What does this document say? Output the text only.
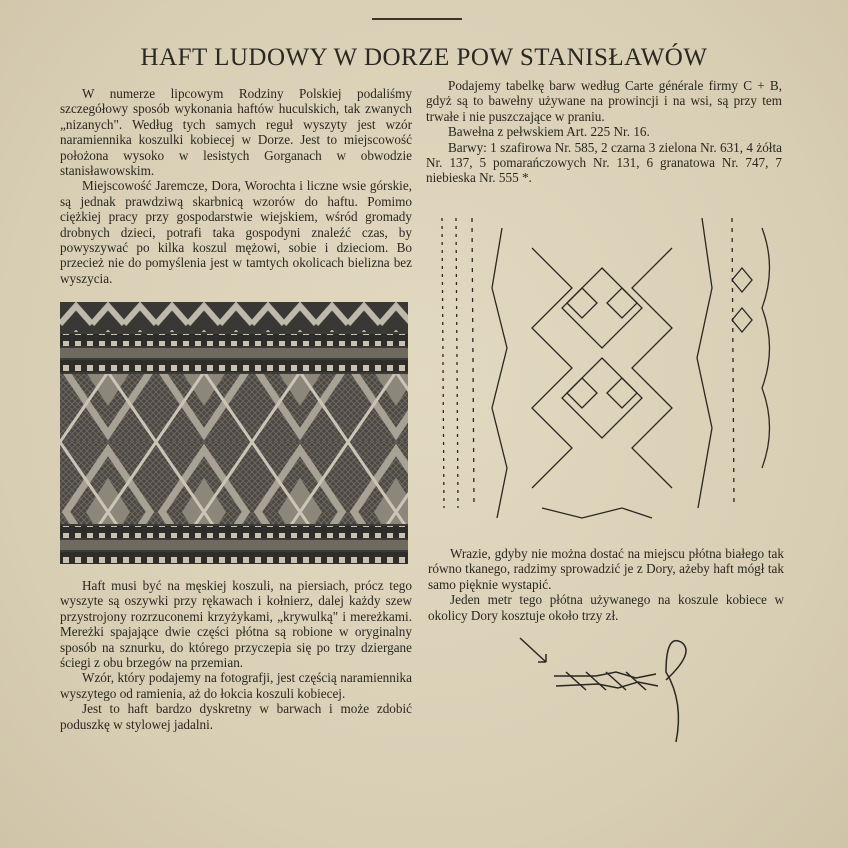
HAFT LUDOWY W DORZE POW STANISŁAWÓW

W numerze lipcowym Rodziny Polskiej podaliśmy szczegółowy sposób wykonania haftów huculskich, tak zwanych „nizanych". Według tych samych reguł wyszyty jest wzór naramiennika koszulki kobiecej w Dorze. Jest to miejscowość położona wysoko w lesistych Gorganach w obwodzie stanisławowskim.

Miejscowość Jaremcze, Dora, Worochta i liczne wsie górskie, są jednak prawdziwą skarbnicą wzorów do haftu. Pomimo ciężkiej pracy przy gospodarstwie wiejskiem, wśród gromady drobnych dzieci, potrafi taka gospodyni znaleźć czas, by powyszywać po kilka koszul mężowi, sobie i dzieciom. Bo przecież nie do pomyślenia jest w tamtych okolicach bielizna bez wyszycia.

Haft musi być na męskiej koszuli, na piersiach, prócz tego wyszyte są oszywki przy rękawach i kołnierz, dalej każdy szew przystrojony rozrzuconemi krzyżykami, „krywulką" i mereżkami. Mereżki spajające dwie części płótna są robione w oryginalny sposób na sznurku, do którego przyczepia się po trzy dziergane ściegi z obu brzegów na przemian.

Wzór, który podajemy na fotografji, jest częścią naramiennika wyszytego od ramienia, aż do łokcia koszuli kobiecej.

Jest to haft bardzo dyskretny w barwach i może zdobić poduszkę w stylowej jadalni.

Podajemy tabelkę barw według Carte générale firmy C + B, gdyż są to bawełny używane na prowincji i na wsi, są przy tem trwałe i nie puszczające w praniu.

Bawełna z pełwskiem Art. 225 Nr. 16.

Barwy: 1 szafirowa Nr. 585, 2 czarna 3 zielona Nr. 631, 4 żółta Nr. 137, 5 pomarańczowych Nr. 131, 6 granatowa Nr. 747, 7 niebieska Nr. 555 *.

Wrazie, gdyby nie można dostać na miejscu płótna białego tak równo tkanego, radzimy sprowadzić je z Dory, ażeby haft mógł tak samo pięknie wystapić.

Jeden metr tego płótna używanego na koszule kobiece w okolicy Dory kosztuje około trzy zł.
